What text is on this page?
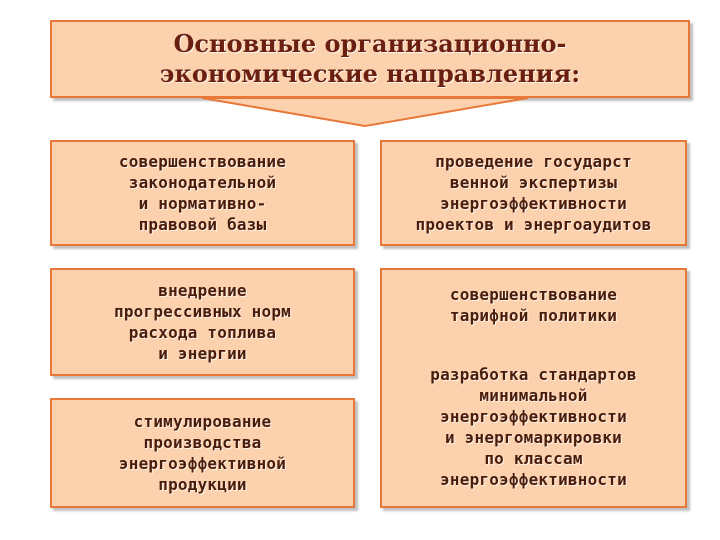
Основные организационно-
экономические направления:
совершенствование
законодательной
и нормативно-
правовой базы
внедрение
прогрессивных норм
расхода топлива
и энергии
стимулирование
производства
энергоэффективной
продукции
проведение государст
венной экспертизы
энергоэффективности
проектов и энергоаудитов
совершенствование
тарифной политики
разработка стандартов
минимальной
энергоэффективности
и энергомаркировки
по классам
энергоэффективности
